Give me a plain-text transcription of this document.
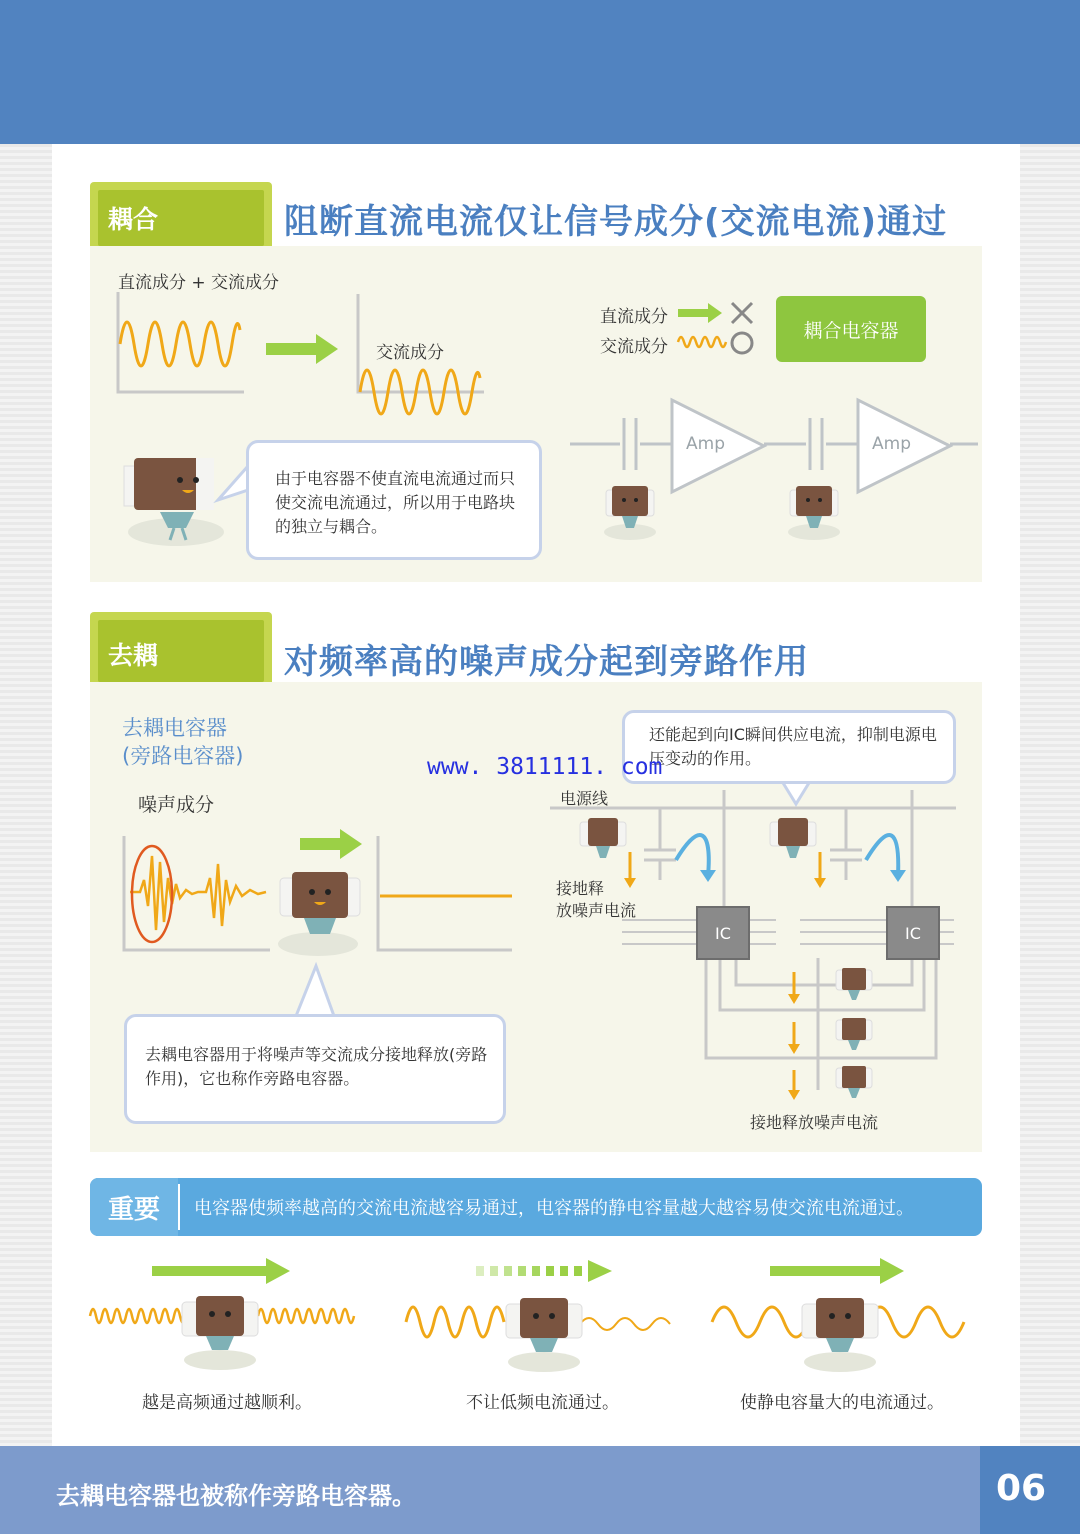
耦合	阻断直流电流仅让信号成分(交流电流)通过
直流成分 + 交流成分
交流成分
直流成分
交流成分
耦合电容器
Amp	Amp
由于电容器不使直流电流通过而只使交流电流通过，所以用于电路块的独立与耦合。
去耦	对频率高的噪声成分起到旁路作用
去耦电容器
(旁路电容器)
噪声成分
还能起到向IC瞬间供应电流，抑制电源电压变动的作用。
电源线
接地释
放噪声电流
IC	IC
接地释放噪声电流
去耦电容器用于将噪声等交流成分接地释放(旁路作用)，它也称作旁路电容器。
www. 3811111. com
重要	电容器使频率越高的交流电流越容易通过，电容器的静电容量越大越容易使交流电流通过。
越是高频通过越顺利。	不让低频电流通过。	使静电容量大的电流通过。
去耦电容器也被称作旁路电容器。	06
